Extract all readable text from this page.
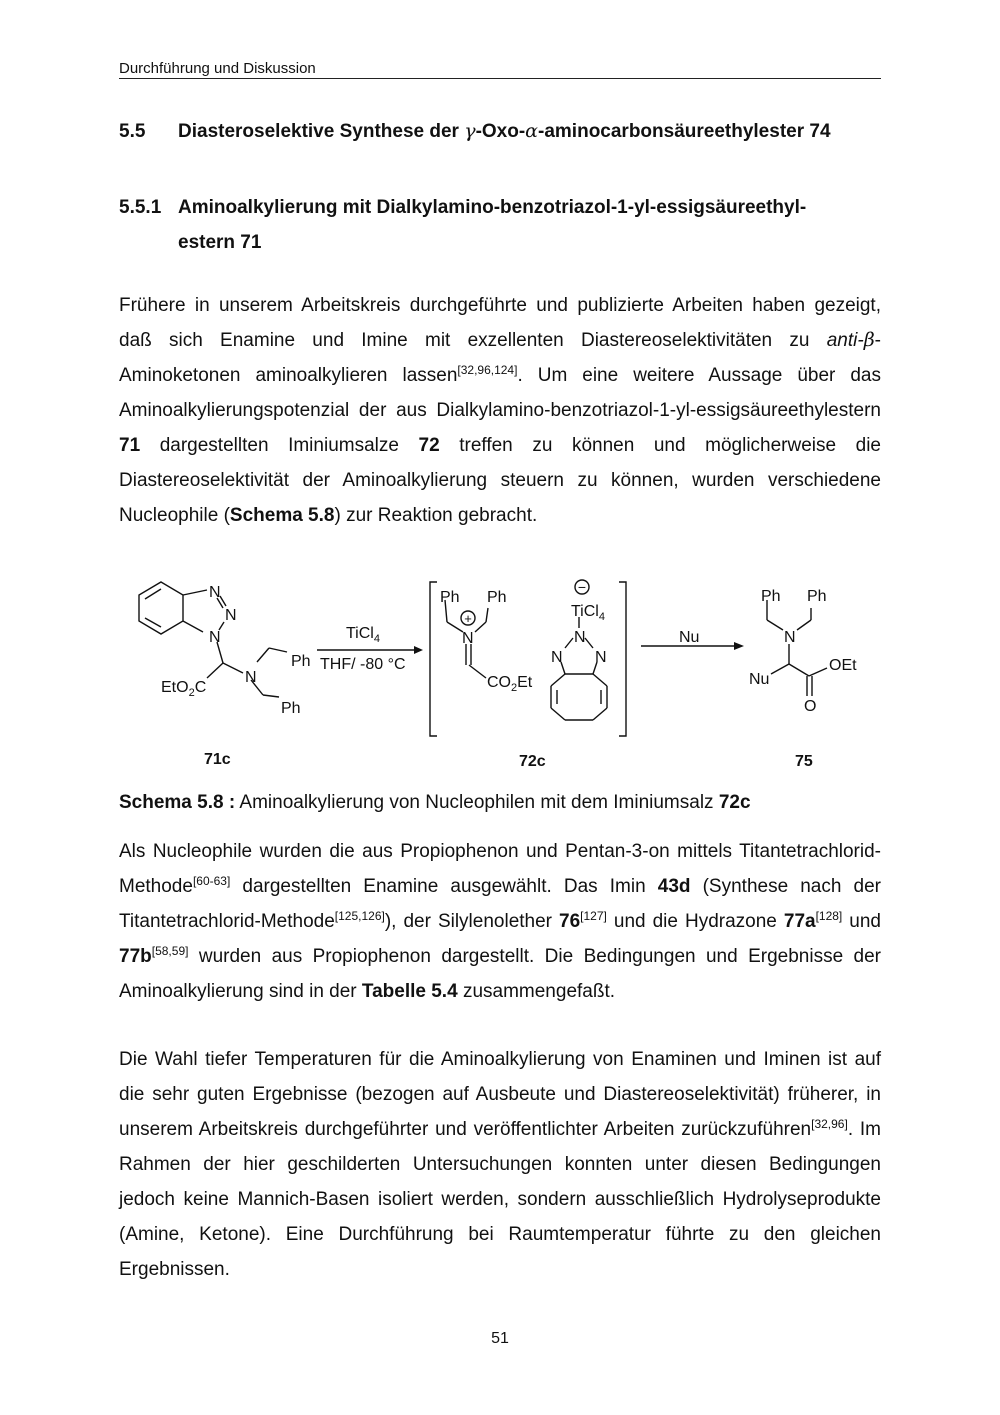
Durchführung und Diskussion
5.5 Diasteroselektive Synthese der γ-Oxo-α-aminocarbonsäureethylester 74
5.5.1 Aminoalkylierung mit Dialkylamino-benzotriazol-1-yl-essigsäureethyl-
estern 71

Frühere in unserem Arbeitskreis durchgeführte und publizierte Arbeiten haben gezeigt, daß sich Enamine und Imine mit exzellenten Diastereoselektivitäten zu anti-β-Aminoketonen aminoalkylieren lassen[32,96,124]. Um eine weitere Aussage über das Aminoalkylierungspotenzial der aus Dialkylamino-benzotriazol-1-yl-essigsäureethylestern 71 dargestellten Iminiumsalze 72 treffen zu können und möglicherweise die Diastereoselektivität der Aminoalkylierung steuern zu können, wurden verschiedene Nucleophile (Schema 5.8) zur Reaktion gebracht.

N
N
N
N
EtO$_2$C
Ph
Ph
TiCl$_4$
THF/ -80 °C
Ph Ph
+
N
$CO_2Et$
−
TiCl$_4$
N
N N
Nu
Ph Ph
N
Nu
OEt
O
71c	72c	75
Schema 5.8 : Aminoalkylierung von Nucleophilen mit dem Iminiumsalz 72c

Als Nucleophile wurden die aus Propiophenon und Pentan-3-on mittels Titantetrachlorid-Methode[60-63] dargestellten Enamine ausgewählt. Das Imin 43d (Synthese nach der Titantetrachlorid-Methode[125,126]), der Silylenolether 76[127] und die Hydrazone 77a[128] und 77b[58,59] wurden aus Propiophenon dargestellt. Die Bedingungen und Ergebnisse der Aminoalkylierung sind in der Tabelle 5.4 zusammengefaßt.

Die Wahl tiefer Temperaturen für die Aminoalkylierung von Enaminen und Iminen ist auf die sehr guten Ergebnisse (bezogen auf Ausbeute und Diastereoselektivität) früherer, in unserem Arbeitskreis durchgeführter und veröffentlichter Arbeiten zurückzuführen[32,96]. Im Rahmen der hier geschilderten Untersuchungen konnten unter diesen Bedingungen jedoch keine Mannich-Basen isoliert werden, sondern ausschließlich Hydrolyseprodukte (Amine, Ketone). Eine Durchführung bei Raumtemperatur führte zu den gleichen Ergebnissen.

51
